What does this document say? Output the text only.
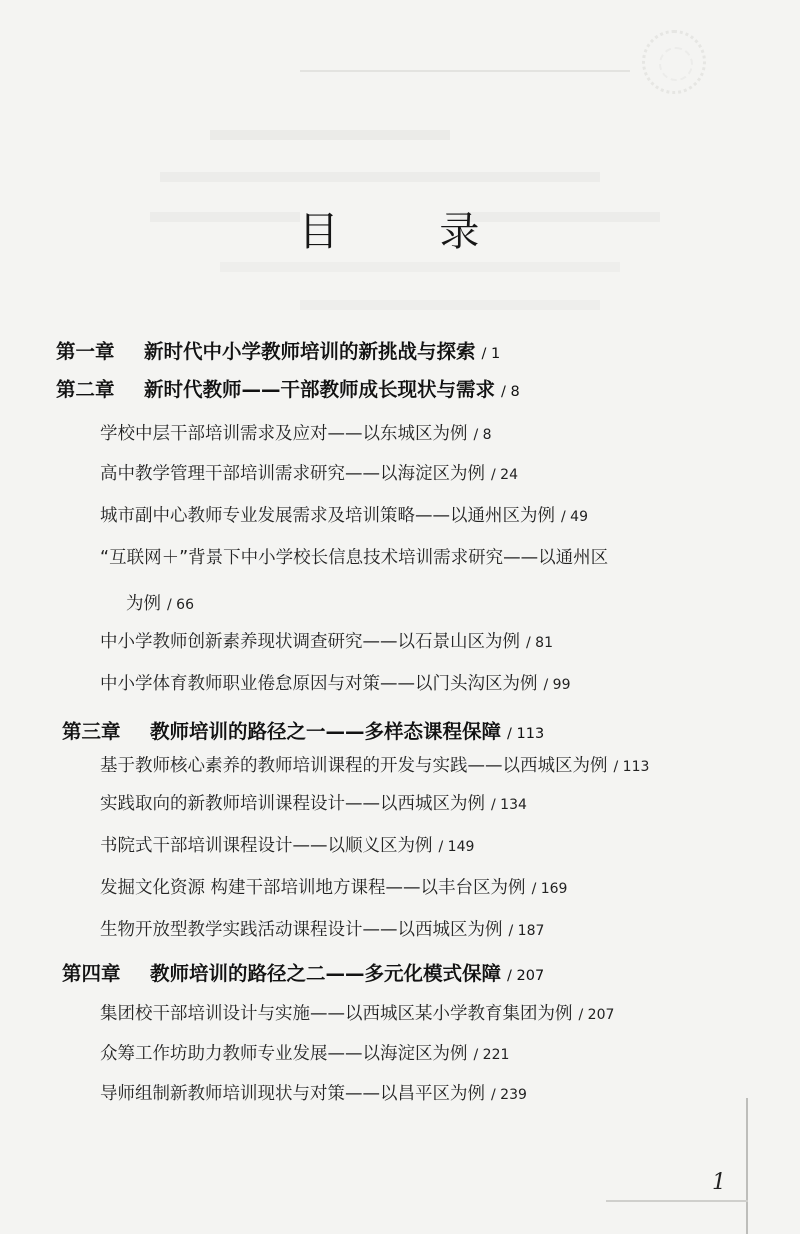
目 录
第一章 新时代中小学教师培训的新挑战与探索 / 1
第二章 新时代教师——干部教师成长现状与需求 / 8
学校中层干部培训需求及应对——以东城区为例 / 8
高中教学管理干部培训需求研究——以海淀区为例 / 24
城市副中心教师专业发展需求及培训策略——以通州区为例 / 49
“互联网＋”背景下中小学校长信息技术培训需求研究——以通州区
为例 / 66
中小学教师创新素养现状调查研究——以石景山区为例 / 81
中小学体育教师职业倦怠原因与对策——以门头沟区为例 / 99
第三章 教师培训的路径之一——多样态课程保障 / 113
基于教师核心素养的教师培训课程的开发与实践——以西城区为例 / 113
实践取向的新教师培训课程设计——以西城区为例 / 134
书院式干部培训课程设计——以顺义区为例 / 149
发掘文化资源 构建干部培训地方课程——以丰台区为例 / 169
生物开放型教学实践活动课程设计——以西城区为例 / 187
第四章 教师培训的路径之二——多元化模式保障 / 207
集团校干部培训设计与实施——以西城区某小学教育集团为例 / 207
众筹工作坊助力教师专业发展——以海淀区为例 / 221
导师组制新教师培训现状与对策——以昌平区为例 / 239
1
